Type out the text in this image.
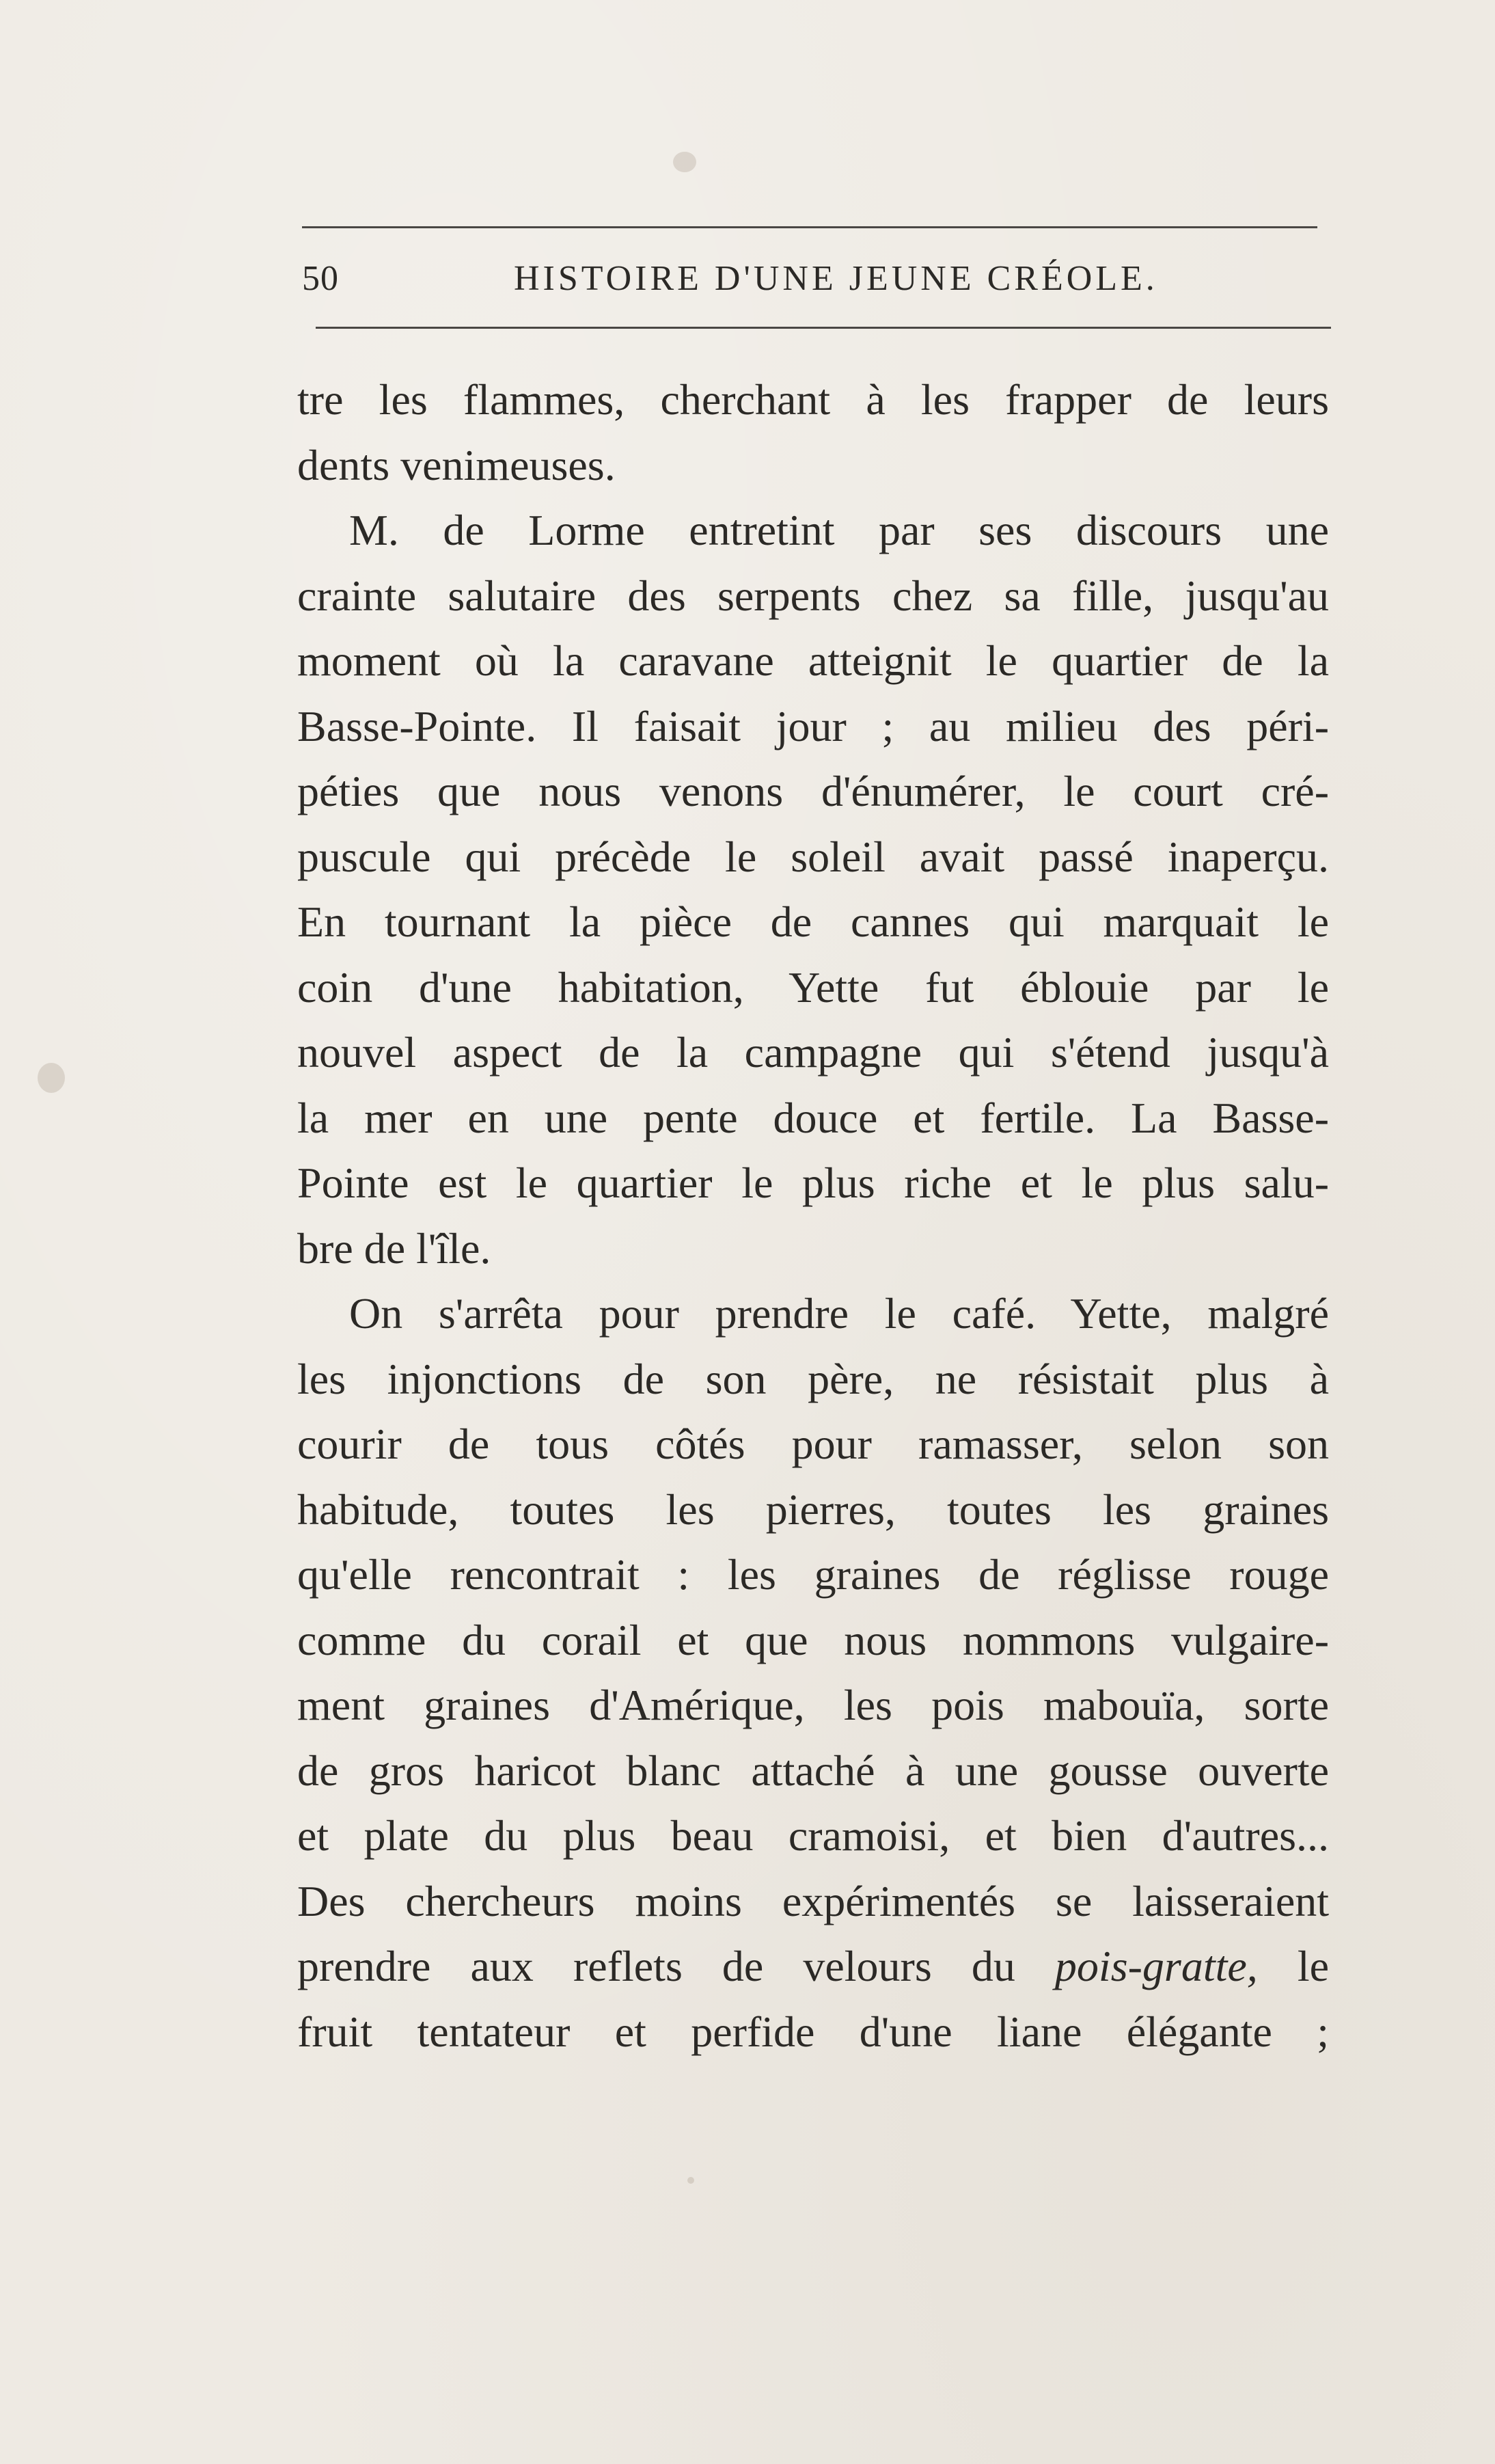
50	HISTOIRE D'UNE JEUNE CRÉOLE.
tre les flammes, cherchant à les frapper de leurs
dents venimeuses.
M. de Lorme entretint par ses discours une
crainte salutaire des serpents chez sa fille, jusqu'au
moment où la caravane atteignit le quartier de la
Basse-Pointe. Il faisait jour ; au milieu des péri-
péties que nous venons d'énumérer, le court cré-
puscule qui précède le soleil avait passé inaperçu.
En tournant la pièce de cannes qui marquait le
coin d'une habitation, Yette fut éblouie par le
nouvel aspect de la campagne qui s'étend jusqu'à
la mer en une pente douce et fertile. La Basse-
Pointe est le quartier le plus riche et le plus salu-
bre de l'île.
On s'arrêta pour prendre le café. Yette, malgré
les injonctions de son père, ne résistait plus à
courir de tous côtés pour ramasser, selon son
habitude, toutes les pierres, toutes les graines
qu'elle rencontrait : les graines de réglisse rouge
comme du corail et que nous nommons vulgaire-
ment graines d'Amérique, les pois mabouïa, sorte
de gros haricot blanc attaché à une gousse ouverte
et plate du plus beau cramoisi, et bien d'autres...
Des chercheurs moins expérimentés se laisseraient
prendre aux reflets de velours du pois-gratte, le
fruit tentateur et perfide d'une liane élégante ;
